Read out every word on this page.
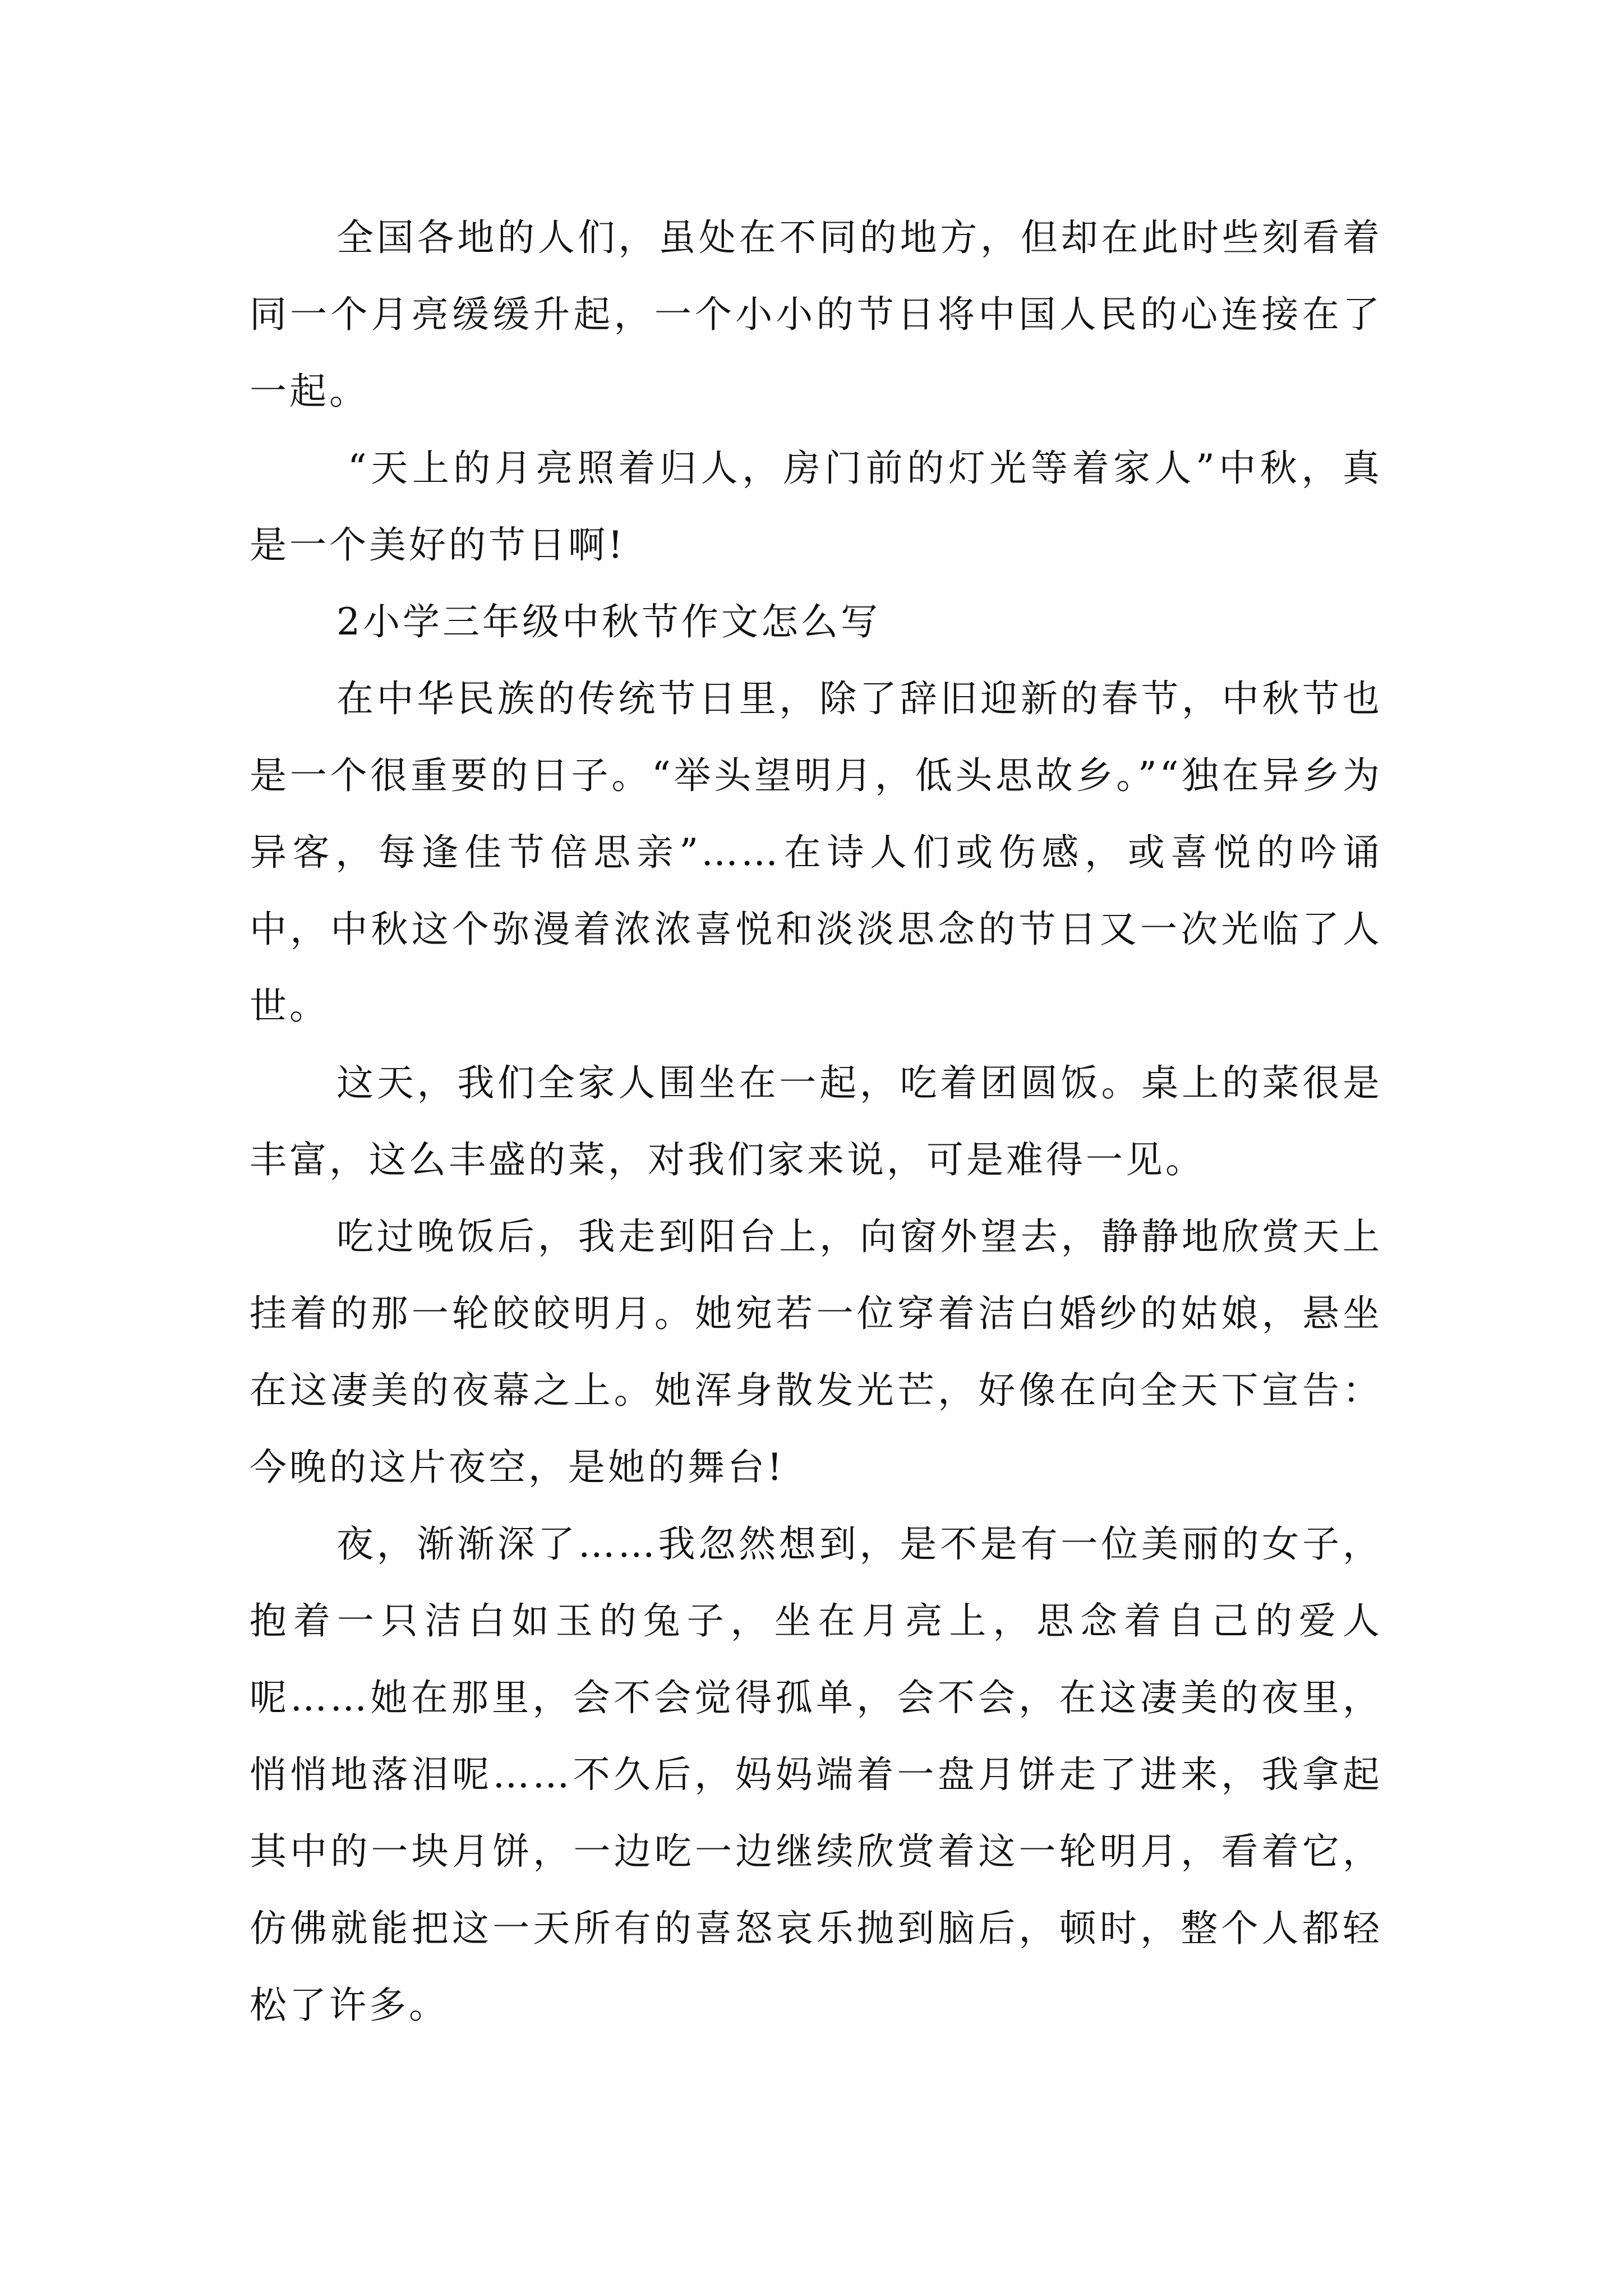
全国各地的人们，虽处在不同的地方，但却在此时些刻看着同一个月亮缓缓升起，一个小小的节日将中国人民的心连接在了一起。

“天上的月亮照着归人，房门前的灯光等着家人”中秋，真是一个美好的节日啊!

2小学三年级中秋节作文怎么写

在中华民族的传统节日里，除了辞旧迎新的春节，中秋节也是一个很重要的日子。“举头望明月，低头思故乡。”“独在异乡为异客，每逢佳节倍思亲”……在诗人们或伤感，或喜悦的吟诵中，中秋这个弥漫着浓浓喜悦和淡淡思念的节日又一次光临了人世。

这天，我们全家人围坐在一起，吃着团圆饭。桌上的菜很是丰富，这么丰盛的菜，对我们家来说，可是难得一见。

吃过晚饭后，我走到阳台上，向窗外望去，静静地欣赏天上挂着的那一轮皎皎明月。她宛若一位穿着洁白婚纱的姑娘，悬坐在这凄美的夜幕之上。她浑身散发光芒，好像在向全天下宣告：今晚的这片夜空，是她的舞台!

夜，渐渐深了……我忽然想到，是不是有一位美丽的女子，抱着一只洁白如玉的兔子，坐在月亮上，思念着自己的爱人呢……她在那里，会不会觉得孤单，会不会，在这凄美的夜里，悄悄地落泪呢……不久后，妈妈端着一盘月饼走了进来，我拿起其中的一块月饼，一边吃一边继续欣赏着这一轮明月，看着它，仿佛就能把这一天所有的喜怒哀乐抛到脑后，顿时，整个人都轻松了许多。
